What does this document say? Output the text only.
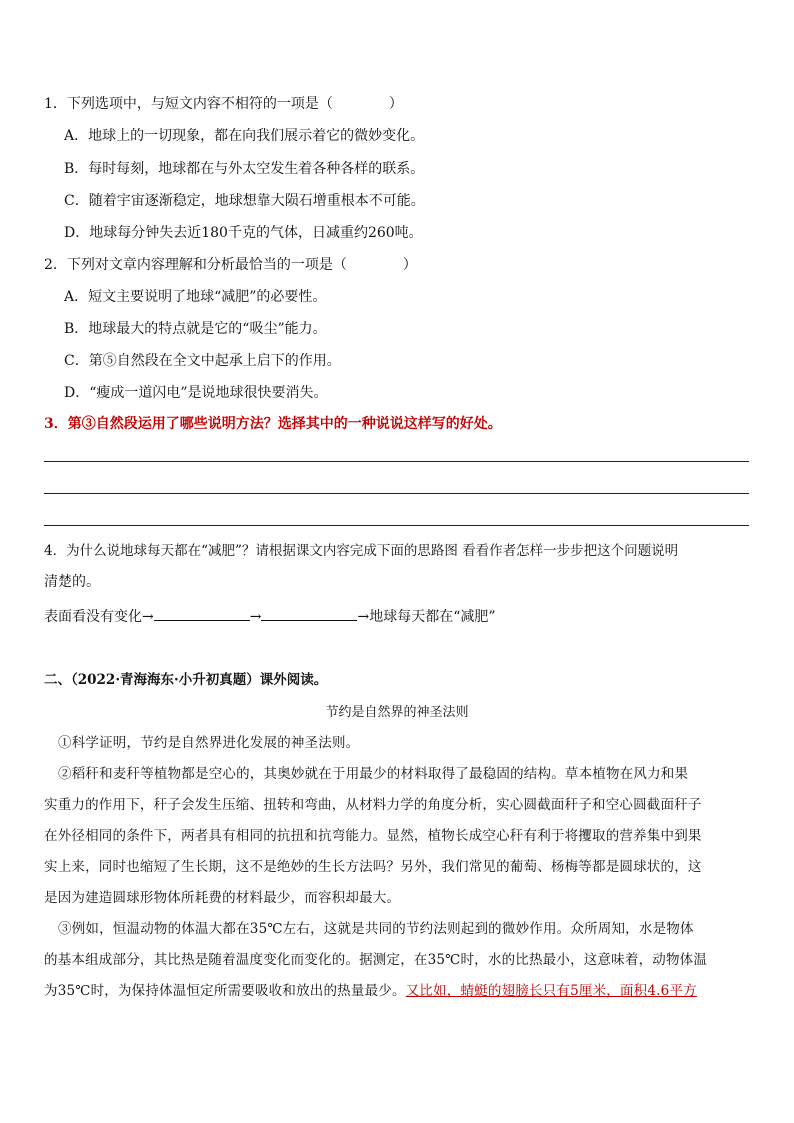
1．下列选项中，与短文内容不相符的一项是（　　　　）
A．地球上的一切现象，都在向我们展示着它的微妙变化。
B．每时每刻，地球都在与外太空发生着各种各样的联系。
C．随着宇宙逐渐稳定，地球想靠大陨石增重根本不可能。
D．地球每分钟失去近180千克的气体，日减重约260吨。
2．下列对文章内容理解和分析最恰当的一项是（　　　　）
A．短文主要说明了地球“减肥”的必要性。
B．地球最大的特点就是它的“吸尘”能力。
C．第⑤自然段在全文中起承上启下的作用。
D．“瘦成一道闪电”是说地球很快要消失。
3．第③自然段运用了哪些说明方法？选择其中的一种说说这样写的好处。
4．为什么说地球每天都在“减肥”？请根据课文内容完成下面的思路图 看看作者怎样一步步把这个问题说明
清楚的。
表面看没有变化→	→	→地球每天都在“减肥”
二、（2022·青海海东·小升初真题）课外阅读。
节约是自然界的神圣法则
①科学证明，节约是自然界进化发展的神圣法则。
②稻秆和麦秆等植物都是空心的，其奥妙就在于用最少的材料取得了最稳固的结构。草本植物在风力和果
实重力的作用下，秆子会发生压缩、扭转和弯曲，从材料力学的角度分析，实心圆截面秆子和空心圆截面秆子
在外径相同的条件下，两者具有相同的抗扭和抗弯能力。显然，植物长成空心秆有利于将攫取的营养集中到果
实上来，同时也缩短了生长期，这不是绝妙的生长方法吗？另外，我们常见的葡萄、杨梅等都是圆球状的，这
是因为建造圆球形物体所耗费的材料最少，而容积却最大。
③例如，恒温动物的体温大都在35℃左右，这就是共同的节约法则起到的微妙作用。众所周知，水是物体
的基本组成部分，其比热是随着温度变化而变化的。据测定，在35℃时，水的比热最小，这意味着，动物体温
为35℃时，为保持体温恒定所需要吸收和放出的热量最少。又比如，蜻蜓的翅膀长只有5厘米，面积4.6平方
